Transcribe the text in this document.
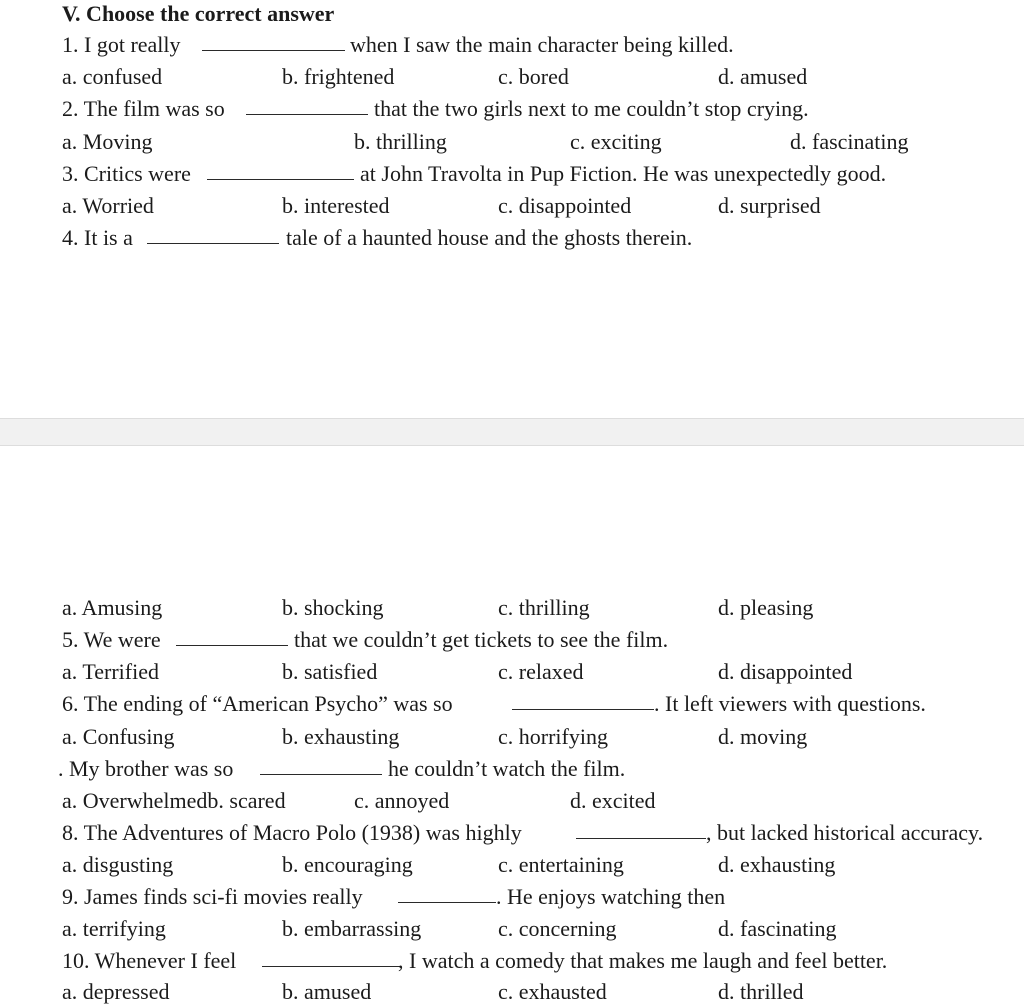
V. Choose the correct answer
1. I got really	when I saw the main character being killed.
a. confused	b. frightened	c. bored	d. amused
2. The film was so	that the two girls next to me couldn’t stop crying.
a. Moving	b. thrilling	c. exciting	d. fascinating
3. Critics were	at John Travolta in Pup Fiction. He was unexpectedly good.
a. Worried	b. interested	c. disappointed	d. surprised
4. It is a	tale of a haunted house and the ghosts therein.
a. Amusing	b. shocking	c. thrilling	d. pleasing
5. We were	that we couldn’t get tickets to see the film.
a. Terrified	b. satisfied	c. relaxed	d. disappointed
6. The ending of “American Psycho” was so	. It left viewers with questions.
a. Confusing	b. exhausting	c. horrifying	d. moving
. My brother was so	he couldn’t watch the film.
a. Overwhelmedb. scared	c. annoyed	d. excited
8. The Adventures of Macro Polo (1938) was highly	, but lacked historical accuracy.
a. disgusting	b. encouraging	c. entertaining	d. exhausting
9. James finds sci-fi movies really	. He enjoys watching then
a. terrifying	b. embarrassing	c. concerning	d. fascinating
10. Whenever I feel	, I watch a comedy that makes me laugh and feel better.
a. depressed	b. amused	c. exhausted	d. thrilled
